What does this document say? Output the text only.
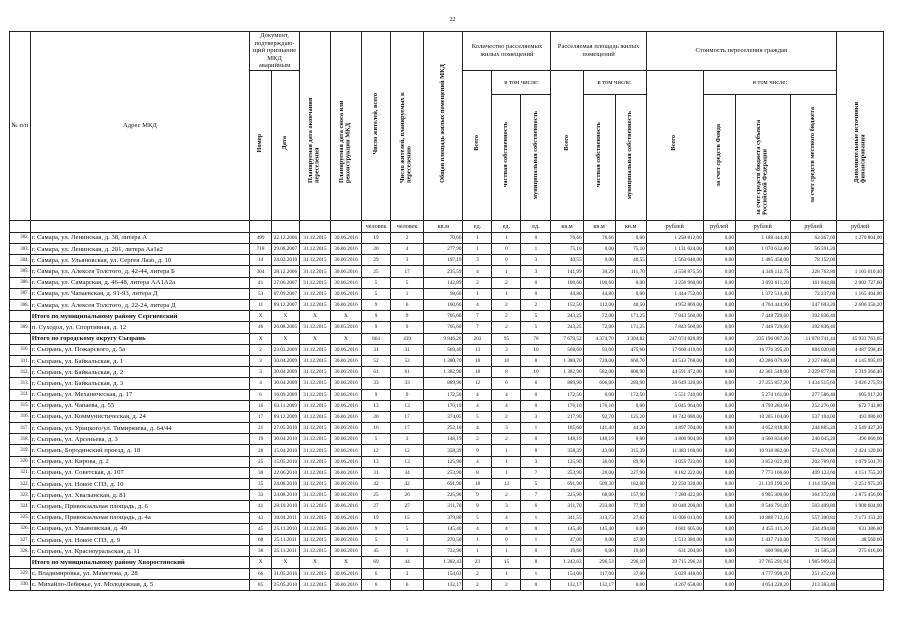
22
№ п/п	Адрес МКД	Документ, подтверждаю-щий признание МКД аварийным		Планируемая дата окончания переселения	Планируемая дата сноса или реконструкции МКД	Число жителей, всего	Число жителей, планируемых к переселению	Общая площадь жилых помещений МКД	Количество расселяемых жилых помещений			Расселяемая площадь жилых помещений			Стоимость переселения граждан				Дополнительные источники финансирования
		Номер	Дата						Всего	в том числе:		Всего	в том числе:		Всего	в том числе:			
										частная собственность	муниципальная собственность		частная собственность	муниципальная собственность		за счет средств Фонда	за счет средств бюджета субъекта Российской Федерации	за счет средств местного бюджета	
						человек	человек	кв.м	ед.	ед.	ед.	кв.м	кв.м	кв.м	рублей	рублей	рублей	рублей	рублей
302.	г. Самара, ул. Ленинская, д. 38, литера А	499	22.12.2006	31.12.2015	30.06.2016	19	2	70,66	1	1	0	76,66	76,66	0,00	1 250 812,00	0,00	1 188 444,40	62 367,60	1 270 804,00
303.	г. Самара, ул. Ленинская, д. 201, литера Аа1а2	718	29.08.2007	31.12.2015	30.06.2016	20	4	277,90	1	0	1	75,10	0,00	75,10	1 131 024,00	0,00	1 070 632,80	56 591,20	
304.	г. Самара, ул. Ульяновская, ул. Сергея Лазо, д. 10	14	24.02.2010	31.12.2015	30.06.2016	29	3	197,19	3	0	3	40,55	0,00	40,55	1 563 040,00	0,00	1 485 458,00	78 152,00	
305.	г. Самара, ул. Алексея Толстого, д. 42-44, литера Б	304	28.12.2006	31.12.2015	30.06.2016	25	17	235,59	4	1	3	141,99	30,29	111,70	4 558 875,50	0,00	4 340 112,75	228 762,80	1 103 010,40
306.	г. Самара, ул. Самарская, д. 46-48, литера АА1А2а	41	27.06.2007	31.12.2015	30.06.2016	5	5	142,89	2	2	0	100,60	100,60	0,00	3 256 960,00	0,00	3 093 611,20	161 844,80	2 002 727,60
307.	г. Самара, ул. Чапаевская, д. 91-93, литера Д	53	07.09.2007	31.12.2015	30.06.2016	5	1	98,60	1	1	0	44,80	44,80	0,00	1 444 752,00	0,00	1 372 514,40	72 237,60	1 165 404,80
308.	г. Самара, ул. Алексея Толстого, д. 22-24, литера Д	11	09.12.2007	31.12.2015	30.06.2016	9	6	160,66	4	2	2	152,50	112,00	40,50	4 952 869,00	0,00	4 704 444,90	247 603,20	2 606 356,20
	Итого по муниципальному району Сергиевский	Х	Х	Х	Х	9	9	705,60	7	2	5	243,25	72,00	171,25	7 843 560,00	0,00	7 448 729,60	392 836,40	
309.	п. Суходол, ул. Спортивная, д. 12	46	26.08.2005	31.12.2015	30.05.2016	9	9	705,60	7	2	5	243,25	72,00	171,25	7 843 560,00	0,00	7 448 729,60	392 836,40	
	Итого по городскому округу Сызрань	Х	Х	Х	Х	864	439	9 846,20	203	95	78	7 679,52	4 374,70	3 304,82	247 074 828,89	0,00	235 196 087,26	11 878 741,44	45 933 763,05
310.	г. Сызрань, ул. Пожарского, д. 5а	2	23.03.2009	31.12.2015	30.06.2016	31	31	569,40	13	3	10	568,60	93,00	475,60	17 660 416,00	0,00	16 776 395,20	884 020,80	4 487 598,49
311.	г. Сызрань, ул. Байкальская, д. 1	3	30.04.2009	31.12.2015	30.06.2016	52	52	1 380,70	18	10	8	1 380,70	720,00	660,70	44 513 768,00	0,00	42 286 079,60	2 227 688,40	4 145 995,69
312.	г. Сызрань, ул. Байкальская, д. 2	3	30.04.2009	31.12.2015	30.06.2016	61	61	1 382,90	18	8	10	1 382,90	582,00	800,90	44 591 472,00	0,00	42 361 548,00	2 229 877,80	5 319 366,40
313.	г. Сызрань, ул. Байкальская, д. 3	4	30.04.2009	31.12.2015	30.06.2016	33	33	889,90	12	6	6	889,90	606,00	283,90	28 649 320,00	0,00	27 255 857,20	1 434 515,60	3 026 275,59
314.	г. Сызрань, ул. Механическая, д. 17	6	16.09.2009	31.12.2015	30.06.2016	9	9	172,50	4	4	0	172,50	0,00	172,50	5 551 740,00	0,00	5 274 161,00	277 586,40	605 917,20
315.	г. Сызрань, ул. Чапаева, д. 55	16	03.11.2009	31.12.2015	30.06.2016	13	13	176,10	4	4	0	176,10	176,10	0,00	5 045 964,00	0,00	4 793 283,00	252 276,00	672 743,80
316.	г. Сызрань, ул. Коммунистическая, д. 24	17	09.12.2009	31.12.2015	30.06.2016	20	17	374,05	5	2	3	217,90	92,70	125,20	10 742 080,00	0,00	10 205 104,00	537 104,00	493 980,00
317.	г. Сызрань, ул. Урицкого/ул. Тимирязева, д. 64/44	21	27.05.2010	31.12.2015	30.06.2016	16	17	252,10	4	3	1	185,60	141,40	44,20	4 897 704,00	0,00	4 652 818,80	244 885,20	2 549 427,20
318.	г. Сызрань, ул. Арсеньева, д. 3	19	30.04.2010	31.12.2015	30.06.2016	5	3	148,19	2	2	0	148,19	148,19	0,00	4 800 904,00	0,00	4 560 834,80	240 045,20	496 066,00
319.	г. Сызрань, Бородинский проезд, д. 18	28	15.04.2010	31.12.2015	30.06.2016	12	12	358,39	9	1	8	358,39	43,00	315,39	11 483 160,00	0,00	10 918 882,00	574 678,00	2 424 120,00
320.	г. Сызрань, ул. Кирова, д. 2	25	15.05.2010	31.12.2015	30.06.2016	13	13	125,90	4	1	3	125,90	36,00	89,90	4 055 722,00	0,00	3 852 022,40	202 789,60	1 079 501,70
321.	г. Сызрань, ул. Советская, д. 107	30	22.06.2010	31.12.2015	30.06.2016	31	34	253,90	8	1	7	253,90	26,00	227,90	8 182 222,00	0,00	7 773 106,60	409 123,60	4 151 755,20
322.	г. Сызрань, ул. Новое СПЗ, д. 10	35	24.08.2010	31.12.2015	30.06.2016	42	42	691,90	18	13	5	691,90	509,30	182,60	22 250 330,00	0,00	21 139 190,20	1 114 356,80	2 251 975,20
323.	г. Сызрань, ул. Хвалынская, д. 81	33	24.08.2010	31.12.2015	30.06.2016	25	26	225,90	9	2	7	225,90	68,00	157,90	7 280 422,00	0,00	6 905 300,00	364 372,00	2 875 456,00
324.	г. Сызрань, Привокзальная площадь, д. 6	41	28.10.2010	31.12.2015	30.06.2016	27	27	311,70	9	3	6	311,70	233,80	77,90	10 040 200,00	0,00	9 546 791,00	503 409,80	1 900 604,00
325.	г. Сызрань, Привокзальная площадь, д. 4а	43	30.04.2011	31.12.2015	30.06.2016	19	15	379,80	5	4	1	341,55	313,73	27,82	11 006 013,00	0,00	10 888 712,16	557 300,84	7 173 153,20
326.	г. Сызрань, ул. Ульяновская, д. 49	45	25.11.2010	31.12.2015	30.06.2016	9	5	145,40	4	4	0	145,40	145,40	0,00	4 681 605,00	0,00	4 455 111,20	234 494,80	631 386,00
327.	г. Сызрань, ул. Новое СПЗ, д. 9	68	25.11.2011	31.12.2015	30.06.2016	5	3	270,50	1	0	1	47,00	0,00	47,00	1 513 380,00	0,00	1 437 710,00	75 769,00	48 560,00
328.	г. Сызрань, ул. Красноуральская, д. 11	38	25.11.2011	31.12.2015	30.06.2016	45	1	722,90	1	1	0	19,60	0,00	19,60	631 204,00	0,00	600 986,80	31 585,20	275 616,00
	Итого по муниципальному району Хворостянский	Х	Х	Х	Х	69	44	1 382,43	23	15	8	1 242,63	296,53	296,10	39 715 296,24	0,00	37 765 291,64	1 985 969,24	
329.	с. Владимировка, ул. Маметова, д. 28	66	31.05.2016	31.12.2015	30.06.2016	6	3	154,03	2	1	1	154,00	117,00	37,00	5 029 448,00	0,00	4 777 998,20	251 472,00	
330.	с. Михайло-Лебяжье, ул. Молодежная, д. 5	85	25.05.2010	31.12.2015	30.06.2016	6	6	132,17	2	2	0	132,17	132,17	0,00	4 267 658,00	0,00	4 054 228,20	213 383,40	
